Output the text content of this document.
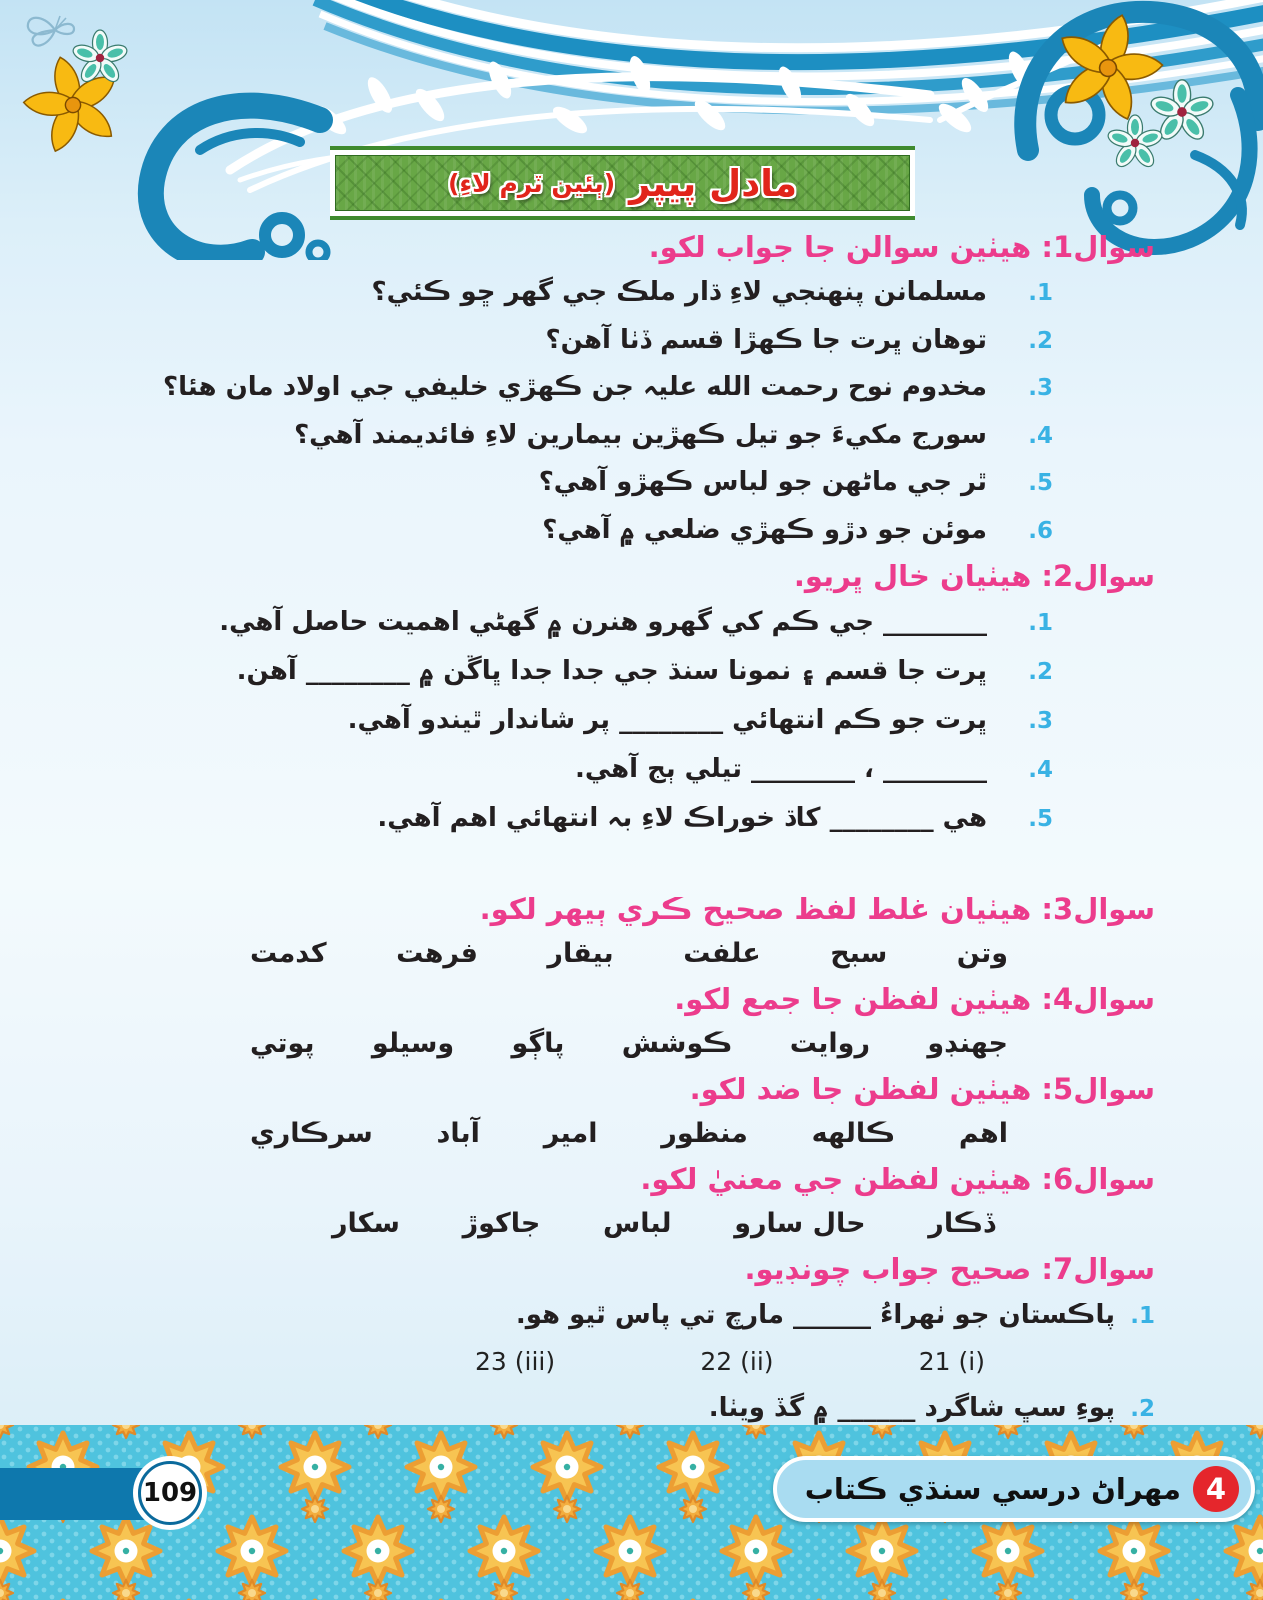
مادل پيپر
(ٻئين ٽرم لاءِ)
سوال1: هيٺين سوالن جا جواب لکو.
1.
مسلمانن پنهنجي لاءِ ڌار ملڪ جي گهر ڇو ڪئي؟
2.
توهان ڀرت جا ڪهڙا قسم ڏٺا آهن؟
3.
مخدوم نوح رحمت الله عليہ جن ڪهڙي خليفي جي اولاد مان هئا؟
4.
سورج مکيءَ جو تيل ڪهڙين بيمارين لاءِ فائديمند آهي؟
5.
ٿر جي ماڻهن جو لباس ڪهڙو آهي؟
6.
موئن جو دڙو ڪهڙي ضلعي ۾ آهي؟
سوال2: هيٺيان خال ڀريو.
1.
________ جي ڪم کي گهرو هنرن ۾ گهڻي اهميت حاصل آهي.
2.
ڀرت جا قسم ۽ نمونا سنڌ جي جدا جدا ڀاڱن ۾ ________ آهن.
3.
ڀرت جو ڪم انتهائي ________ پر شاندار ٿيندو آهي.
4.
________ ، ________ تيلي ٻج آهي.
5.
هي ________ کاڌ خوراڪ لاءِ بہ انتهائي اهم آهي.
سوال3: هيٺيان غلط لفظ صحيح ڪري ٻيهر لکو.
وتن
سبح
علفت
بيقار
فرهت
کدمت
سوال4: هيٺين لفظن جا جمع لکو.
جهنڊو
روايت
ڪوشش
پاڳو
وسيلو
پوتي
سوال5: هيٺين لفظن جا ضد لکو.
اهم
ڪالهه
منظور
امير
آباد
سرڪاري
سوال6: هيٺين لفظن جي معنيٰ لکو.
ڏڪار
حال سارو
لباس
جاکوڙ
سکار
سوال7: صحيح جواب چونڊيو.
1.
پاڪستان جو ٺهراءُ ______ مارچ تي پاس ٿيو هو.
21 (i)
22 (ii)
23 (iii)
2.
پوءِ سڀ شاگرد ______ ۾ گڏ ويٺا.
109	4
مهراڻ درسي سنڌي ڪتاب
